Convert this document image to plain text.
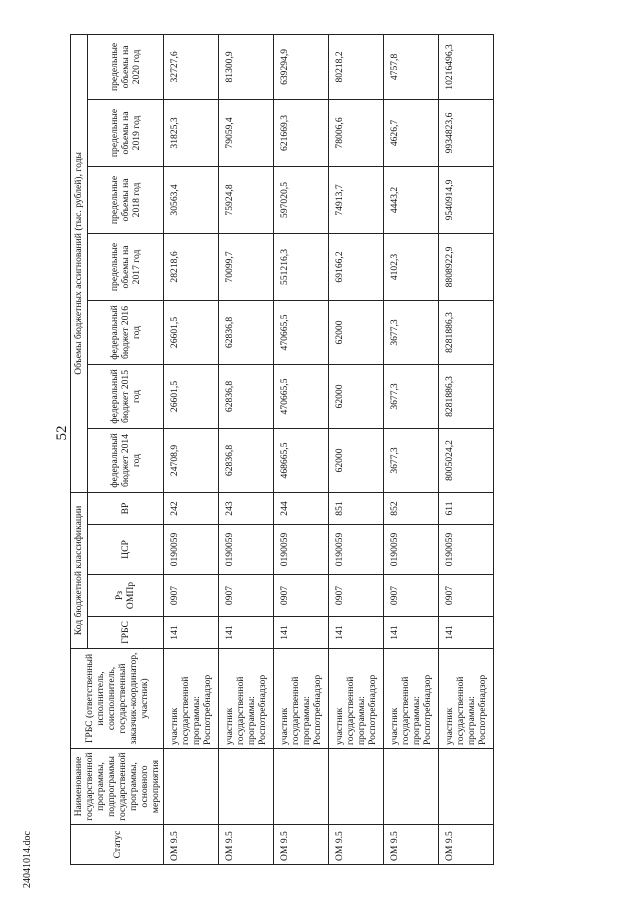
52
24041014.doc	Статус	Наименование государственной программы, подпрограммы государственной программы, основного мероприятия	ГРБС (ответственный исполнитель, соисполнитель, государственный заказчик-координатор, участник)	Код бюджетной классификации				Объемы бюджетных ассигнований (тыс. рублей), годы						
			ГРБС	Рз ОМПр	ЦСР	ВР	федеральный бюджет 2014 год	федеральный бюджет 2015 год	федеральный бюджет 2016 год	предельные объемы на 2017 год	предельные объемы на 2018 год	предельные объемы на 2019 год	предельные объемы на 2020 год
ОМ 9.5		участник государственной программы: Роспотребнадзор	141	0907	0190059	242	24708,9	26601,5	26601,5	28218,6	30563,4	31825,3	32727,6
ОМ 9.5		участник государственной программы: Роспотребнадзор	141	0907	0190059	243	62836,8	62836,8	62836,8	70099,7	75924,8	79059,4	81300,9
ОМ 9.5		участник государственной программы: Роспотребнадзор	141	0907	0190059	244	468665,5	470665,5	470665,5	551216,3	597020,5	621669,3	639294,9
ОМ 9.5		участник государственной программы: Роспотребнадзор	141	0907	0190059	851	62000	62000	62000	69166,2	74913,7	78006,6	80218,2
ОМ 9.5		участник государственной программы: Роспотребнадзор	141	0907	0190059	852	3677,3	3677,3	3677,3	4102,3	4443,2	4626,7	4757,8
ОМ 9.5		участник государственной программы: Роспотребнадзор	141	0907	0190059	611	8005024,2	8281886,3	8281886,3	8808922,9	9540914,9	9934823,6	10216496,3
